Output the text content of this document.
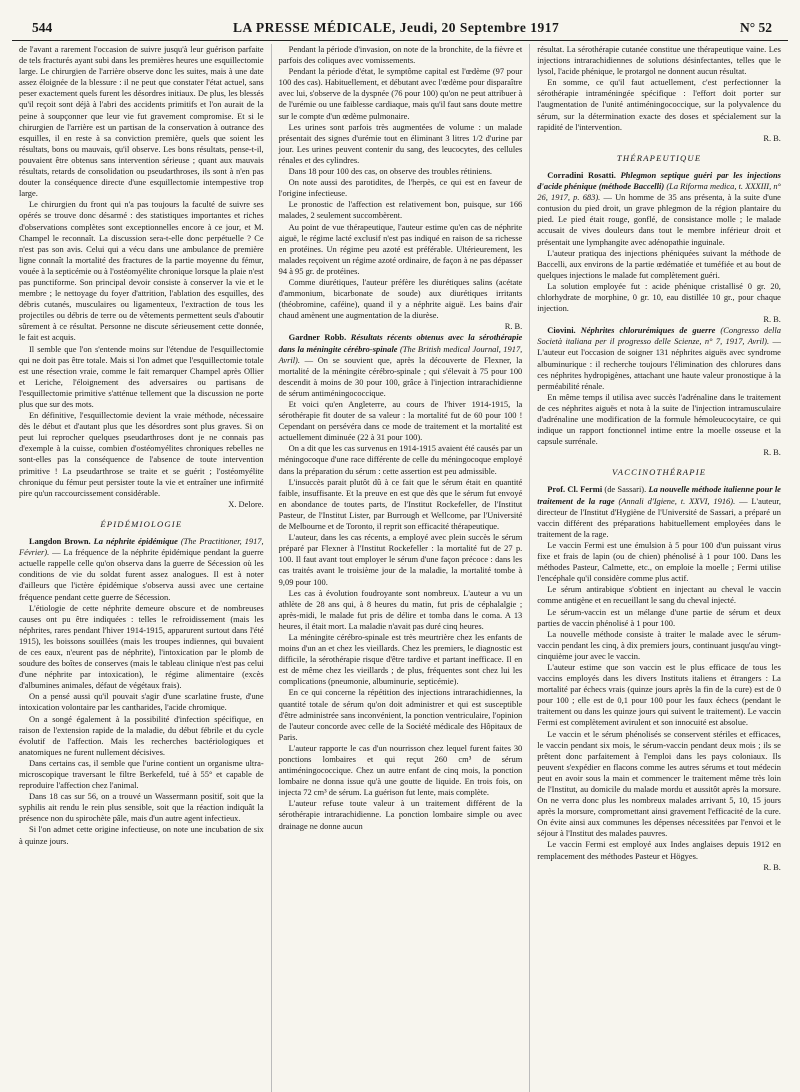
544	LA PRESSE MÉDICALE, Jeudi, 20 Septembre 1917	N° 52

de l'avant a rarement l'occasion de suivre jusqu'à leur guérison parfaite de tels fracturés ayant subi dans les premières heures une esquillectomie large. Le chirurgien de l'arrière observe donc les suites, mais à une date assez éloignée de la blessure : il ne peut que constater l'état actuel, sans peser exactement quels furent les désordres initiaux. De plus, les blessés qu'il reçoit sont déjà à l'abri des accidents primitifs et l'on aurait de la peine à soupçonner que leur vie fut gravement compromise. Et si le chirurgien de l'arrière est un partisan de la conservation à outrance des esquilles, il en reste à sa conviction première, quels que soient les résultats, bons ou mauvais, qu'il observe. Les bons résultats, pense-t-il, pouvaient être obtenus sans intervention sérieuse ; quant aux mauvais résultats, retards de consolidation ou pseudarthroses, ils sont à n'en pas douter la conséquence directe d'une esquillectomie intempestive trop large.

Le chirurgien du front qui n'a pas toujours la faculté de suivre ses opérés se trouve donc désarmé : des statistiques importantes et riches d'observations complètes sont exceptionnelles encore à ce jour, et M. Champel le reconnaît. La discussion sera-t-elle donc perpétuelle ? Ce n'est pas son avis. Celui qui a vécu dans une ambulance de première ligne connaît la mortalité des fractures de la partie moyenne du fémur, vouée à la septicémie ou à l'ostéomyélite chronique lorsque la plaie n'est pas punctiforme. Son principal devoir consiste à conserver la vie et le membre ; le nettoyage du foyer d'attrition, l'ablation des esquilles, des débris cutanés, musculaires ou ligamenteux, l'extraction de tous les projectiles ou débris de terre ou de vêtements permettent seuls d'aboutir sûrement à ce résultat. Personne ne discute sérieusement cette donnée, le fait est acquis.

Il semble que l'on s'entende moins sur l'étendue de l'esquillectomie qui ne doit pas être totale. Mais si l'on admet que l'esquillectomie totale est une résection vraie, comme le fait remarquer Champel après Ollier et Leriche, l'éloignement des adversaires ou partisans de l'esquillectomie primitive s'atténue tellement que la discussion ne porte plus que sur des mots.

En définitive, l'esquillectomie devient la vraie méthode, nécessaire dès le début et d'autant plus que les désordres sont plus graves. Si on peut lui reprocher quelques pseudarthroses dont je ne connais pas d'exemple à la cuisse, combien d'ostéomyélites chroniques rebelles ne sont-elles pas la conséquence de l'absence de toute intervention primitive ! La pseudarthrose se traite et se guérit ; l'ostéomyélite chronique du fémur peut persister toute la vie et entraîner une infirmité pire qu'un raccourcissement considérable.

X. Delore.

ÉPIDÉMIOLOGIE

Langdon Brown. La néphrite épidémique (The Practitioner, 1917, Février). — La fréquence de la néphrite épidémique pendant la guerre actuelle rappelle celle qu'on observa dans la guerre de Sécession où les conditions de vie du soldat furent assez analogues. Il est à noter d'ailleurs que l'ictère épidémique s'observa aussi avec une certaine fréquence pendant cette guerre de Sécession.

L'étiologie de cette néphrite demeure obscure et de nombreuses causes ont pu être indiquées : telles le refroidissement (mais les néphrites, rares pendant l'hiver 1914-1915, apparurent surtout dans l'été 1915), les boissons souillées (mais les troupes indiennes, qui buvaient de ces eaux, n'eurent pas de néphrite), l'intoxication par le plomb de soudure des boîtes de conserves (mais le tableau clinique n'est pas celui d'une néphrite par intoxication), le régime alimentaire (excès d'albumines animales, défaut de végétaux frais).

On a pensé aussi qu'il pouvait s'agir d'une scarlatine fruste, d'une intoxication volontaire par les cantharides, l'acide chromique.

On a songé également à la possibilité d'infection spécifique, en raison de l'extension rapide de la maladie, du début fébrile et du cycle évolutif de l'affection. Mais les recherches bactériologiques et anatomiques ne furent nullement décisives.

Dans certains cas, il semble que l'urine contient un organisme ultra-microscopique traversant le filtre Berkefeld, tué à 55° et capable de reproduire l'affection chez l'animal.

Dans 18 cas sur 56, on a trouvé un Wassermann positif, soit que la syphilis ait rendu le rein plus sensible, soit que la réaction indiquât la présence non du spirochète pâle, mais d'un autre agent infectieux.

Si l'on admet cette origine infectieuse, on note une incubation de six à quinze jours.

Pendant la période d'invasion, on note de la bronchite, de la fièvre et parfois des coliques avec vomissements.

Pendant la période d'état, le symptôme capital est l'œdème (97 pour 100 des cas). Habituellement, et débutant avec l'œdème pour disparaître avec lui, s'observe de la dyspnée (76 pour 100) qu'on ne peut attribuer à de l'urémie ou une faiblesse cardiaque, mais qu'il faut sans doute mettre sur le compte d'un œdème pulmonaire.

Les urines sont parfois très augmentées de volume : un malade présentait des signes d'urémie tout en éliminant 3 litres 1/2 d'urine par jour. Les urines peuvent contenir du sang, des leucocytes, des cellules rénales et des cylindres.

Dans 18 pour 100 des cas, on observe des troubles rétiniens.

On note aussi des parotidites, de l'herpès, ce qui est en faveur de l'origine infectieuse.

Le pronostic de l'affection est relativement bon, puisque, sur 166 malades, 2 seulement succombèrent.

Au point de vue thérapeutique, l'auteur estime qu'en cas de néphrite aiguë, le régime lacté exclusif n'est pas indiqué en raison de sa richesse en protéines. Un régime peu azoté est préférable. Ultérieurement, les malades reçoivent un régime azoté ordinaire, de façon à ne pas dépasser 94 à 95 gr. de protéines.

Comme diurétiques, l'auteur préfère les diurétiques salins (acétate d'ammonium, bicarbonate de soude) aux diurétiques irritants (théobromine, caféine), quand il y a néphrite aiguë. Les bains d'air chaud amènent une augmentation de la diurèse.

R. B.

Gardner Robb. Résultats récents obtenus avec la sérothérapie dans la méningite cérébro-spinale (The British medical Journal, 1917, Avril). — On se souvient que, après la découverte de Flexner, la mortalité de la méningite cérébro-spinale ; qui s'élevait à 75 pour 100 descendit à moins de 30 pour 100, grâce à l'injection intrarachidienne de sérum antiméningococcique.

Et voici qu'en Angleterre, au cours de l'hiver 1914-1915, la sérothérapie fit douter de sa valeur : la mortalité fut de 60 pour 100 ! Cependant on persévéra dans ce mode de traitement et la mortalité est actuellement diminuée (22 à 31 pour 100).

On a dit que les cas survenus en 1914-1915 avaient été causés par un méningocoque d'une race différente de celle du méningocoque employé dans la préparation du sérum : cette assertion est peu admissible.

L'insuccès parait plutôt dû à ce fait que le sérum était en quantité faible, insuffisante. Et la preuve en est que dès que le sérum fut envoyé en abondance de toutes parts, de l'Institut Rockefeller, de l'Institut Pasteur, de l'Institut Lister, par Burrough et Wellcome, par l'Université de Melbourne et de Toronto, il reprit son efficacité thérapeutique.

L'auteur, dans les cas récents, a employé avec plein succès le sérum préparé par Flexner à l'Institut Rockefeller : la mortalité fut de 27 p. 100. Il faut avant tout employer le sérum d'une façon précoce : dans les cas traités avant le troisième jour de la maladie, la mortalité tombe à 9,09 pour 100.

Les cas à évolution foudroyante sont nombreux. L'auteur a vu un athlète de 28 ans qui, à 8 heures du matin, fut pris de céphalalgie ; après-midi, le malade fut pris de délire et tomba dans le coma. A 13 heures, il était mort. La maladie n'avait pas duré cinq heures.

La méningite cérébro-spinale est très meurtrière chez les enfants de moins d'un an et chez les vieillards. Chez les premiers, le diagnostic est difficile, la sérothérapie risque d'être tardive et partant inefficace. Il en est de même chez les vieillards ; de plus, fréquentes sont chez lui les complications (pneumonie, albuminurie, septicémie).

En ce qui concerne la répétition des injections intrarachidiennes, la quantité totale de sérum qu'on doit administrer et qui est susceptible d'être administrée sans inconvénient, la ponction ventriculaire, l'opinion de l'auteur concorde avec celle de la Société médicale des Hôpitaux de Paris.

L'auteur rapporte le cas d'un nourrisson chez lequel furent faites 30 ponctions lombaires et qui reçut 260 cm³ de sérum antiméningococcique. Chez un autre enfant de cinq mois, la ponction lombaire ne donna issue qu'à une goutte de liquide. En trois fois, on injecta 72 cm³ de sérum. La guérison fut lente, mais complète.

L'auteur refuse toute valeur à un traitement différent de la sérothérapie intrarachidienne. La ponction lombaire simple ou avec drainage ne donne aucun

résultat. La sérothérapie cutanée constitue une thérapeutique vaine. Les injections intrarachidiennes de solutions désinfectantes, telles que le lysol, l'acide phénique, le protargol ne donnent aucun résultat.

En somme, ce qu'il faut actuellement, c'est perfectionner la sérothérapie intraméningée spécifique : l'effort doit porter sur l'augmentation de l'unité antiméningococcique, sur la polyvalence du sérum, sur la détermination exacte des doses et spécialement sur la rapidité de l'intervention.

R. B.

THÉRAPEUTIQUE

Corradini Rosatti. Phlegmon septique guéri par les injections d'acide phénique (méthode Baccelli) (La Riforma medica, t. XXXIII, n° 26, 1917, p. 683). — Un homme de 35 ans présenta, à la suite d'une contusion du pied droit, un grave phlegmon de la région plantaire du pied. Le pied était rouge, gonflé, de consistance molle ; le malade accusait de vives douleurs dans tout le membre inférieur droit et présentait une lymphangite avec adénopathie inguinale.

L'auteur pratiqua des injections phéniquées suivant la méthode de Baccelli, aux environs de la partie œdématiée et tuméfiée et au bout de quelques injections le malade fut complètement guéri.

La solution employée fut : acide phénique cristallisé 0 gr. 20, chlorhydrate de morphine, 0 gr. 10, eau distillée 10 gr., pour chaque injection.

R. B.

Ciovini. Néphrites chlorurémiques de guerre (Congresso della Società italiana per il progresso delle Scienze, n° 7, 1917, Avril). — L'auteur eut l'occasion de soigner 131 néphrites aiguës avec syndrome albuminurique : il recherche toujours l'élimination des chlorures dans ces néphrites hydropigènes, attachant une haute valeur pronostique à la perméabilité rénale.

En même temps il utilisa avec succès l'adrénaline dans le traitement de ces néphrites aiguës et nota à la suite de l'injection intramusculaire d'adrénaline une modification de la formule hémoleucocytaire, ce qui indique un rapport fonctionnel intime entre la moelle osseuse et la capsule surrénale.

R. B.

VACCINOTHÉRAPIE

Prof. Cl. Fermi (de Sassari). La nouvelle méthode italienne pour le traitement de la rage (Annali d'Igiene, t. XXVI, 1916). — L'auteur, directeur de l'Institut d'Hygiène de l'Université de Sassari, a préparé un vaccin différent des préparations habituellement employées dans le traitement de la rage.

Le vaccin Fermi est une émulsion à 5 pour 100 d'un puissant virus fixe et frais de lapin (ou de chien) phénolisé à 1 pour 100. Dans les méthodes Pasteur, Calmette, etc., on emploie la moelle ; Fermi utilise l'encéphale qu'il considère comme plus actif.

Le sérum antirabique s'obtient en injectant au cheval le vaccin comme antigène et en recueillant le sang du cheval injecté.

Le sérum-vaccin est un mélange d'une partie de sérum et deux parties de vaccin phénolisé à 1 pour 100.

La nouvelle méthode consiste à traiter le malade avec le sérum-vaccin pendant les cinq, à dix premiers jours, continuant jusqu'au vingt-cinquième jour avec le vaccin.

L'auteur estime que son vaccin est le plus efficace de tous les vaccins employés dans les divers Instituts italiens et étrangers : La mortalité par échecs vrais (quinze jours après la fin de la cure) est de 0 pour 100 ; elle est de 0,1 pour 100 pour les faux échecs (pendant le traitement ou dans les quinze jours qui suivent le traitement). Le vaccin Fermi est complètement avirulent et son innocuité est absolue.

Le vaccin et le sérum phénolisés se conservent stériles et efficaces, le vaccin pendant six mois, le sérum-vaccin pendant deux mois ; ils se prêtent donc parfaitement à l'emploi dans les pays coloniaux. Ils peuvent s'expédier en flacons comme les autres sérums et tout médecin peut en avoir sous la main et commencer le traitement même très loin de l'Institut, au domicile du malade mordu et aussitôt après la morsure. On ne verra donc plus les nombreux malades arrivant 5, 10, 15 jours après la morsure, compromettant ainsi gravement l'efficacité de la cure. On évite ainsi aux communes les dépenses nécessitées par l'envoi et le séjour à l'Institut des malades pauvres.

Le vaccin Fermi est employé aux Indes anglaises depuis 1912 en remplacement des méthodes Pasteur et Högyes.

R. B.
